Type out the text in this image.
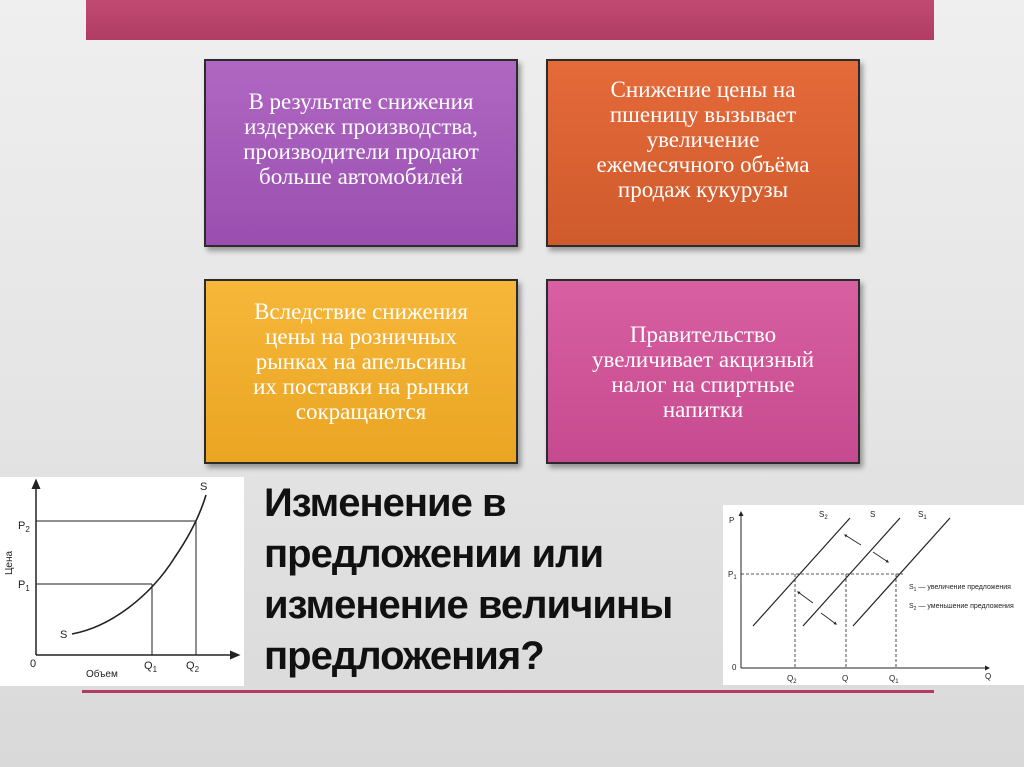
В результате снижения
издержек производства,
производители продают
больше автомобилей
Снижение цены на
пшеницу вызывает
увеличение
ежемесячного объёма
продаж кукурузы
Вследствие снижения
цены на розничных
рынках на апельсины
их поставки на рынки
сокращаются
Правительство
увеличивает акцизный
налог на спиртные
напитки
S
S
$P_2$
$P_1$
Цена
0	$Q_1$	$Q_2$
Объем
Изменение в
предложении или
изменение величины
предложения?
$S_2$	S	$S_1$
P
$P_1$
0
$Q_2$	Q	$Q_1$
Q
$S_1$ — увеличение предложения
$S_2$ — уменьшение предложения
